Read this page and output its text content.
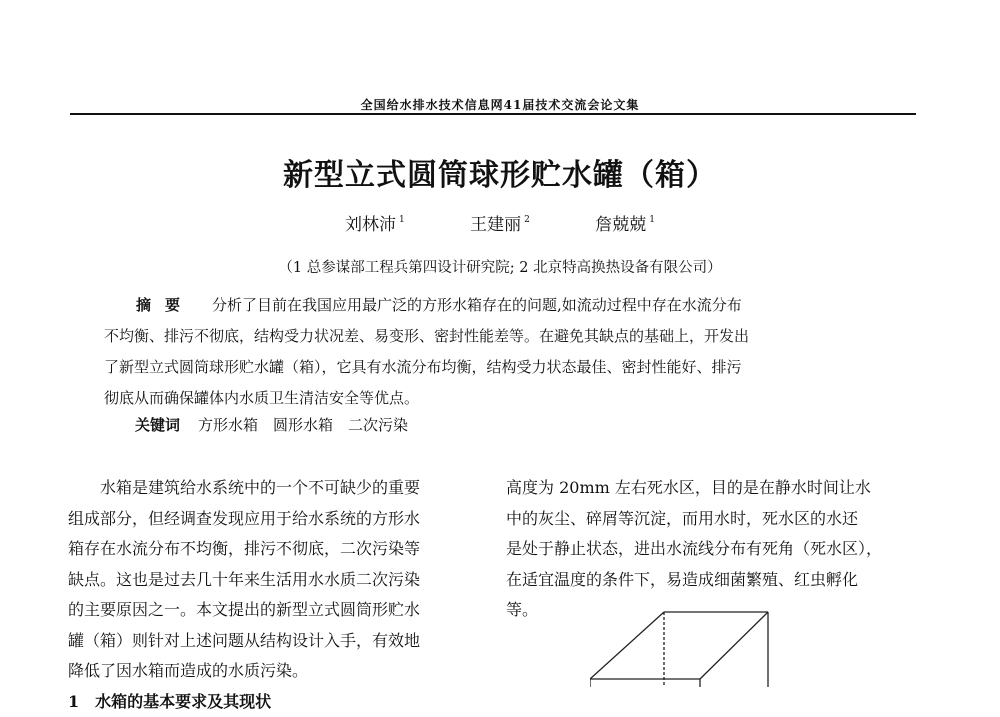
全国给水排水技术信息网41届技术交流会论文集
新型立式圆筒球形贮水罐（箱）
刘林沛 $^1$	王建丽 $^2$	詹兢兢 $^1$
（1 总参谋部工程兵第四设计研究院; 2 北京特高换热设备有限公司）
摘要 分析了目前在我国应用最广泛的方形水箱存在的问题,如流动过程中存在水流分布
不均衡、排污不彻底，结构受力状况差、易变形、密封性能差等。在避免其缺点的基础上，开发出
了新型立式圆筒球形贮水罐（箱），它具有水流分布均衡，结构受力状态最佳、密封性能好、排污
彻底从而确保罐体内水质卫生清洁安全等优点。
关键词 方形水箱　圆形水箱　二次污染
水箱是建筑给水系统中的一个不可缺少的重要
组成部分，但经调查发现应用于给水系统的方形水
箱存在水流分布不均衡，排污不彻底，二次污染等
缺点。这也是过去几十年来生活用水水质二次污染
的主要原因之一。本文提出的新型立式圆筒形贮水
罐（箱）则针对上述问题从结构设计入手，有效地
降低了因水箱而造成的水质污染。
1　水箱的基本要求及其现状
高度为 20mm 左右死水区，目的是在静水时间让水
中的灰尘、碎屑等沉淀，而用水时，死水区的水还
是处于静止状态，进出水流线分布有死角（死水区），
在适宜温度的条件下，易造成细菌繁殖、红虫孵化
等。
